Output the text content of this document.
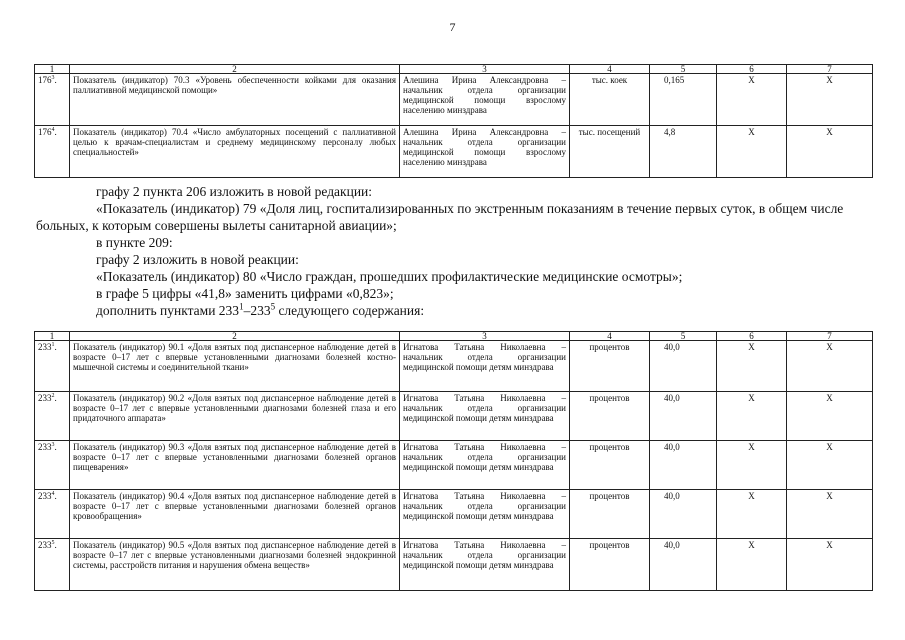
7
1	2	3	4	5	6	7
$176^3$.	Показатель (индикатор) 70.3 «Уровень обеспеченности койками для оказания паллиативной медицинской помощи»	Алешина Ирина Александровна – начальник отдела организации медицинской помощи взрослому населению минздрава	тыс. коек	0,165	X	X
$176^4$.	Показатель (индикатор) 70.4 «Число амбулаторных посещений с паллиативной целью к врачам-специалистам и среднему медицинскому персоналу любых специальностей»	Алешина Ирина Александровна – начальник отдела организации медицинской помощи взрослому населению минздрава	тыс. посещений	4,8	X	X

графу 2 пункта 206 изложить в новой редакции:

«Показатель (индикатор) 79 «Доля лиц, госпитализированных по экстренным показаниям в течение первых суток, в общем числе больных, к которым совершены вылеты санитарной авиации»;

в пункте 209:

графу 2 изложить в новой реакции:

«Показатель (индикатор) 80 «Число граждан, прошедших профилактические медицинские осмотры»;

в графе 5 цифры «41,8» заменить цифрами «0,823»;

дополнить пунктами $233^1-233^5$ следующего содержания:

1	2	3	4	5	6	7
$233^1$.	Показатель (индикатор) 90.1 «Доля взятых под диспансерное наблюдение детей в возрасте 0–17 лет с впервые установленными диагнозами болезней костно-мышечной системы и соединительной ткани»	Игнатова Татьяна Николаевна – начальник отдела организации медицинской помощи детям минздрава	процентов	40,0	X	X
$233^2$.	Показатель (индикатор) 90.2 «Доля взятых под диспансерное наблюдение детей в возрасте 0–17 лет с впервые установленными диагнозами болезней глаза и его придаточного аппарата»	Игнатова Татьяна Николаевна – начальник отдела организации медицинской помощи детям минздрава	процентов	40,0	X	X
$233^3$.	Показатель (индикатор) 90.3 «Доля взятых под диспансерное наблюдение детей в возрасте 0–17 лет с впервые установленными диагнозами болезней органов пищеварения»	Игнатова Татьяна Николаевна – начальник отдела организации медицинской помощи детям минздрава	процентов	40,0	X	X
$233^4$.	Показатель (индикатор) 90.4 «Доля взятых под диспансерное наблюдение детей в возрасте 0–17 лет с впервые установленными диагнозами болезней органов кровообращения»	Игнатова Татьяна Николаевна – начальник отдела организации медицинской помощи детям минздрава	процентов	40,0	X	X
$233^5$.	Показатель (индикатор) 90.5 «Доля взятых под диспансерное наблюдение детей в возрасте 0–17 лет с впервые установленными диагнозами болезней эндокринной системы, расстройств питания и нарушения обмена веществ»	Игнатова Татьяна Николаевна – начальник отдела организации медицинской помощи детям минздрава	процентов	40,0	X	X
